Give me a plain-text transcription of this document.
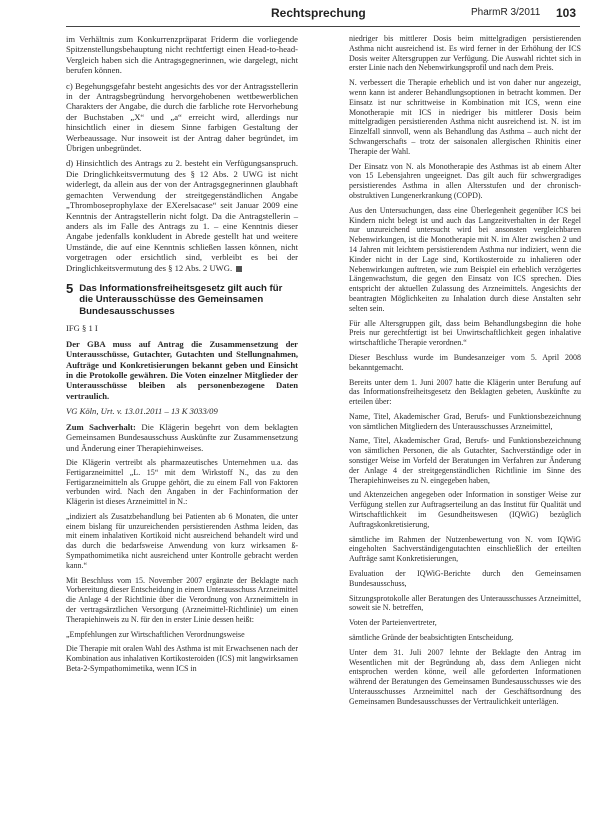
Rechtsprechung	PharmR 3/2011 103

im Verhältnis zum Konkurrenzpräparat Friderm die vorliegende Spitzenstellungsbehauptung nicht rechtfertigt einen Head-to-head-Vergleich haben sich die Antragsgegnerinnen, wie dargelegt, nicht berufen können.

c) Begehungsgefahr besteht angesichts des vor der Antragsstellerin in der Antragsbegründung hervorgehobenen wettbewerblichen Charakters der Angabe, die durch die farbliche rote Hervorhebung der Buchstaben „X“ und „a“ erreicht wird, allerdings nur hinsichtlich einer in diesem Sinne farbigen Gestaltung der Werbeaussage. Nur insoweit ist der Antrag daher begründet, im Übrigen unbegründet.

d) Hinsichtlich des Antrags zu 2. besteht ein Verfügungsanspruch. Die Dringlichkeitsvermutung des § 12 Abs. 2 UWG ist nicht widerlegt, da allein aus der von der Antragsgegnerinnen glaubhaft gemachten Verwendung der streitgegenständlichen Angabe „Thromboseprophylaxe der EXerelsacase“ seit Januar 2009 eine Kenntnis der Antragstellerin nicht folgt. Da die Antragstellerin – anders als im Falle des Antrags zu 1. – eine Kenntnis dieser Angabe jedenfalls konkludent in Abrede gestellt hat und weitere Umstände, die auf eine Kenntnis schließen lassen können, nicht vorgetragen oder ersichtlich sind, verbleibt es bei der Dringlichkeitsvermutung des § 12 Abs. 2 UWG.

5 Das Informationsfreiheitsgesetz gilt auch für die Unterausschüsse des Gemeinsamen Bundesausschusses

IFG § 1 I

Der GBA muss auf Antrag die Zusammensetzung der Unterausschüsse, Gutachter, Gutachten und Stellungnahmen, Aufträge und Konkretisierungen bekannt geben und Einsicht in die Protokolle gewähren. Die Voten einzelner Mitglieder der Unterausschüsse bleiben als personenbezogene Daten vertraulich.

VG Köln, Urt. v. 13.01.2011 – 13 K 3033/09

Zum Sachverhalt: Die Klägerin begehrt von dem beklagten Gemeinsamen Bundesausschuss Auskünfte zur Zusammensetzung und Änderung einer Therapiehinweises.

Die Klägerin vertreibt als pharmazeutisches Unternehmen u.a. das Fertigarzneimittel „L. 15“ mit dem Wirkstoff N., das zu den Fertigarzneimitteln als Gruppe gehört, die zu einem Fall von Faktoren verbunden wird. Nach den Angaben in der Fachinformation der Klägerin ist dieses Arzneimittel in N.:

„indiziert als Zusatzbehandlung bei Patienten ab 6 Monaten, die unter einem bislang für unzureichenden persistierenden Asthma leiden, das mit einem inhalativen Kortikoid nicht ausreichend behandelt wird und das durch die bedarfsweise Anwendung von kurz wirksamen ß-Sympathomimetika nicht ausreichend unter Kontrolle gebracht werden kann.“

Mit Beschluss vom 15. November 2007 ergänzte der Beklagte nach Vorbereitung dieser Entscheidung in einem Unterausschuss Arzneimittel die Anlage 4 der Richtlinie über die Verordnung von Arzneimitteln in der vertragsärztlichen Versorgung (Arzneimittel-Richtlinie) um einen Therapiehinweis zu N. für den in erster Linie dessen heißt:

„Empfehlungen zur Wirtschaftlichen Verordnungsweise

Die Therapie mit oralen Wahl des Asthma ist mit Erwachsenen nach der Kombination aus inhalativen Kortikosteroiden (ICS) mit langwirksamen Beta-2-Sympathomimetika, wenn ICS in

niedriger bis mittlerer Dosis beim mittelgradigen persistierenden Asthma nicht ausreichend ist. Es wird ferner in der Erhöhung der ICS Dosis weiter Altersgruppen zur Verfügung. Die Auswahl richtet sich in erster Linie nach den Nebenwirkungsprofil und nach dem Preis.

N. verbessert die Therapie erheblich und ist von daher nur angezeigt, wenn kann ist anderer Behandlungsoptionen in betracht kommen. Der Einsatz ist nur schrittweise in Kombination mit ICS, wenn eine Monotherapie mit ICS in niedriger bis mittlerer Dosis beim mittelgradigen persistierenden Asthma nicht ausreichend ist. N. ist im Einzelfall sinnvoll, wenn als Behandlung das Asthma – auch nicht der Schwangerschafts – trotz der saisonalen allergischen Rhinitis einer Therapie der Wahl.

Der Einsatz von N. als Monotherapie des Asthmas ist ab einem Alter von 15 Lebensjahren ungeeignet. Das gilt auch für schwergradiges persistierendes Asthma in allen Altersstufen und der chronisch-obstruktiven Lungenerkrankung (COPD).

Aus den Untersuchungen, dass eine Überlegenheit gegenüber ICS bei Kindern nicht belegt ist und auch das Langzeitverhalten in der Regel nur unzureichend untersucht wird bei ansonsten vergleichbaren Nebenwirkungen, ist die Monotherapie mit N. im Alter zwischen 2 und 14 Jahren mit leichtem persistierendem Asthma nur indiziert, wenn die Kinder nicht in der Lage sind, Kortikosteroide zu inhalieren oder Nebenwirkungen auftreten, wie zum Beispiel ein erheblich verzögertes Längenwachstum, die gegen den Einsatz von ICS sprechen. Dies entspricht der aktuellen Zulassung des Arzneimittels. Angesichts der beantragten Möglichkeiten zu Inhalation durch diese Anstalten sehr selten sein.

Für alle Altersgruppen gilt, dass beim Behandlungsbeginn die hohe Preis nur gerechtfertigt ist bei Unwirtschaftlichkeit gegen inhalative wirtschaftliche Therapie verordnen.“

Dieser Beschluss wurde im Bundesanzeiger vom 5. April 2008 bekanntgemacht.

Bereits unter dem 1. Juni 2007 hatte die Klägerin unter Berufung auf das Informationsfreiheitsgesetz den Beklagten gebeten, Auskünfte zu erteilen über:

Name, Titel, Akademischer Grad, Berufs- und Funktionsbezeichnung von sämtlichen Mitgliedern des Unterausschusses Arzneimittel,

Name, Titel, Akademischer Grad, Berufs- und Funktionsbezeichnung von sämtlichen Personen, die als Gutachter, Sachverständige oder in sonstiger Weise im Vorfeld der Beratungen im Verfahren zur Änderung der Anlage 4 der streitgegenständlichen Richtlinie im Sinne des Therapiehinweises zu N. eingegeben haben,

und Aktenzeichen angegeben oder Information in sonstiger Weise zur Verfügung stellen zur Auftragserteilung an das Institut für Qualität und Wirtschaftlichkeit im Gesundheitswesen (IQWiG) bezüglich Auftragskonkretisierung,

sämtliche im Rahmen der Nutzenbewertung von N. vom IQWiG eingeholten Sachverständigengutachten einschließlich der erteilten Aufträge samt Konkretisierungen,

Evaluation der IQWiG-Berichte durch den Gemeinsamen Bundesausschuss,

Sitzungsprotokolle aller Beratungen des Unterausschusses Arzneimittel, soweit sie N. betreffen,

Voten der Parteienvertreter,

sämtliche Gründe der beabsichtigten Entscheidung.

Unter dem 31. Juli 2007 lehnte der Beklagte den Antrag im Wesentlichen mit der Begründung ab, dass dem Anliegen nicht entsprochen werden könne, weil alle geforderten Informationen während der Beratungen des Gemeinsamen Bundesausschusses wie des Unterausschusses Arzneimittel nach der Geschäftsordnung des Gemeinsamen Bundesausschusses der Vertraulichkeit unterlägen.
